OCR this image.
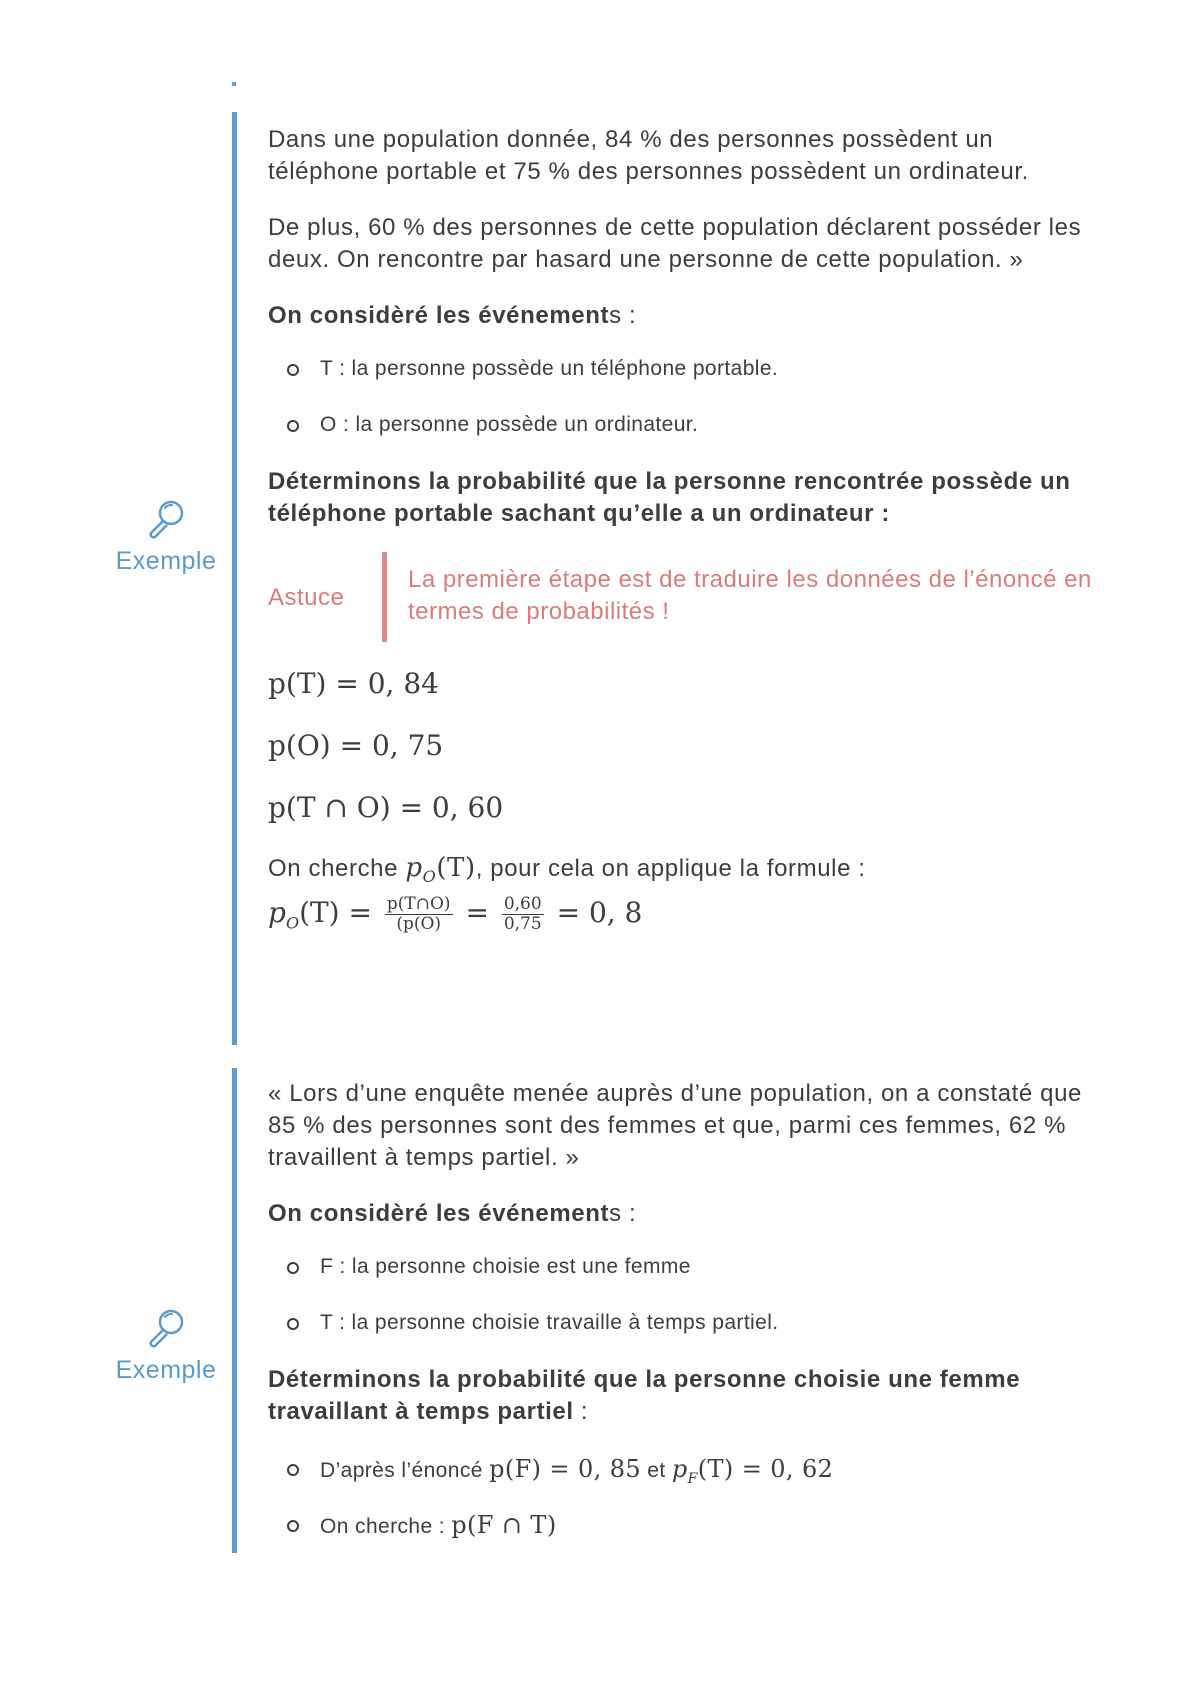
Exemple

Dans une population donnée, 84 % des personnes possèdent un téléphone portable et 75 % des personnes possèdent un ordinateur.

De plus, 60 % des personnes de cette population déclarent posséder les deux. On rencontre par hasard une personne de cette population. »

On considèré les événements :

T : la personne possède un téléphone portable.
O : la personne possède un ordinateur.

Déterminons la probabilité que la personne rencontrée possède un téléphone portable sachant qu’elle a un ordinateur :

Astuce

La première étape est de traduire les données de l’énoncé en termes de probabilités !

p(T) = 0, 84

p(O) = 0, 75

p(T ∩ O) = 0, 60

On cherche $p_O(T)$, pour cela on applique la formule :

$p_O(T) = \frac{p(T\cap O)}{(p(O)} = \frac{0,60}{0,75} = 0$, 8

Exemple

« Lors d’une enquête menée auprès d’une population, on a constaté que 85 % des personnes sont des femmes et que, parmi ces femmes, 62 % travaillent à temps partiel. »

On considèré les événements :

F : la personne choisie est une femme
T : la personne choisie travaille à temps partiel.

Déterminons la probabilité que la personne choisie une femme travaillant à temps partiel :

D’après l’énoncé p(F) = 0, 85 et $p_F(T) = 0$, 62
On cherche : p(F ∩ T)
